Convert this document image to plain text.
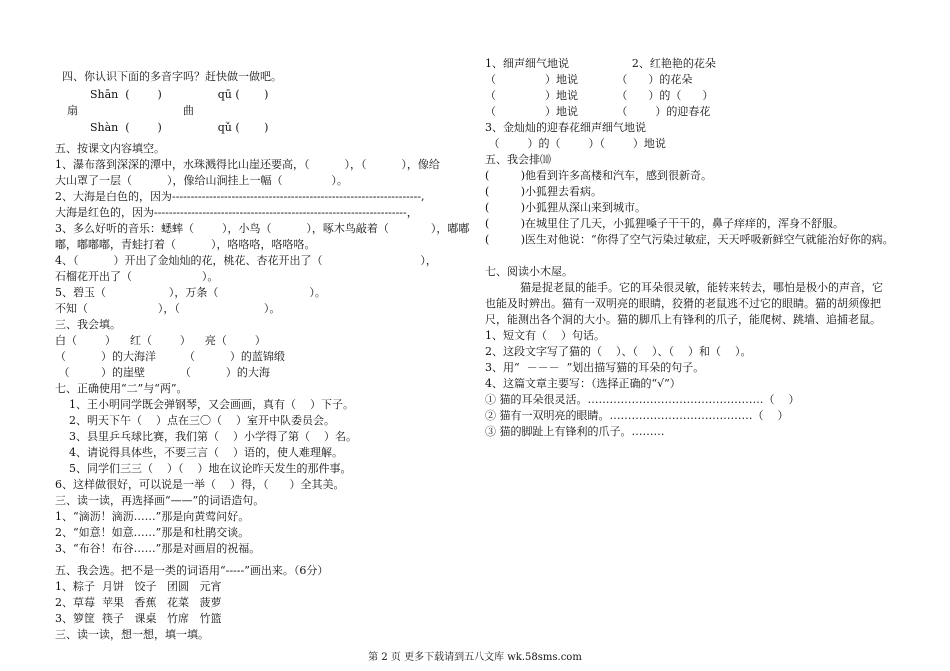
四、你认识下面的多音字吗？赶快做一做吧。
Shān  (        )                qū (       )
扇                              曲
Shàn  (        )                qǔ (       )
五、按课文内容填空。
1、瀑布落到深深的潭中，水珠溅得比山崖还要高，（          ），（          ），像给
大山罩了一层（          ），像给山涧挂上一幅（              ）。
2、大海是白色的，因为-------------------------------------------------------------------,
大海是红色的，因为--------------------------------------------------------------------，
3、多么好听的音乐：蟋蟀（        ），小鸟（          ），啄木鸟敲着（            ），嘟嘟
嘟，嘟嘟嘟，青蛙打着（          ），咯咯咯，咯咯咯。
4、（          ）开出了金灿灿的花，桃花、杏花开出了（                            ），
石榴花开出了（                    ）。
5、碧玉（                  ），万条（                          ）。
不知（                    ），（                        ）。
三、我会填。
白（        ）    红（        ）    亮（        ）
（          ）的大海洋        （          ）的蓝锦缎
（         ）的崖壁          （          ）的大海
七、正确使用“二”与“两”。
1、王小明同学既会弹钢琴，又会画画，真有（    ）下子。
2、明天下午（    ）点在三〇（    ）室开中队委员会。
3、县里乒乓球比赛，我们第（    ）小学得了第（    ）名。
4、请说得具体些，不要三言（    ）语的，使人难理解。
5、同学们三三（    ）（    ）地在议论昨天发生的那件事。
6、这样做很好，可以说是一举（    ）得，（      ）全其美。
三、读一读，再选择画“——”的词语造句。
1、“滴沥！滴沥……”那是向黄莺问好。
2、“如意！如意……”那是和杜鹃交谈。
3、“布谷！布谷……”那是对画眉的祝福。
五、我会选。把不是一类的词语用“-----”画出来。（6分）
1、粽子  月饼   饺子   团圆   元宵
2、草莓  苹果   香蕉   花菜   菠萝
3、箩筐  筷子   课桌   竹席   竹篮
三、读一读，想一想，填一填。
1、细声细气地说                  2、红艳艳的花朵
（              ）地说           （      ）的花朵
（              ）地说           （      ）的（      ）
（              ）地说           （        ）的迎春花
3、金灿灿的迎春花细声细气地说
（        ）的（        ）（        ）地说
五、我会排⑽
(         )他看到许多高楼和汽车，感到很新奇。
(         )小狐狸去看病。
(         )小狐狸从深山来到城市。
(         )在城里住了几天，小狐狸嗓子干干的，鼻子痒痒的，浑身不舒服。
(         )医生对他说：“你得了空气污染过敏症，天天呼吸新鲜空气就能治好你的病。
七、阅读小木屋。
猫是捉老鼠的能手。它的耳朵很灵敏，能转来转去，哪怕是极小的声音，它
也能及时辨出。猫有一双明亮的眼睛，狡猾的老鼠逃不过它的眼睛。猫的胡须像把
尺，能测出各个洞的大小。猫的脚爪上有锋利的爪子，能爬树、跳墙、追捕老鼠。
1、短文有（    ）句话。
2、这段文字写了猫的（    ）、（    ）、（    ）和（    ）。
3、用“  －－－  ”划出描写猫的耳朵的句子。
4、这篇文章主要写：（选择正确的“√”）
① 猫的耳朵很灵活。…………………………………………（    ）
② 猫有一双明亮的眼睛。…………………………………（    ）
③ 猫的脚趾上有锋利的爪子。………
第 2 页 更多下载请到五八文库 wk.58sms.com
